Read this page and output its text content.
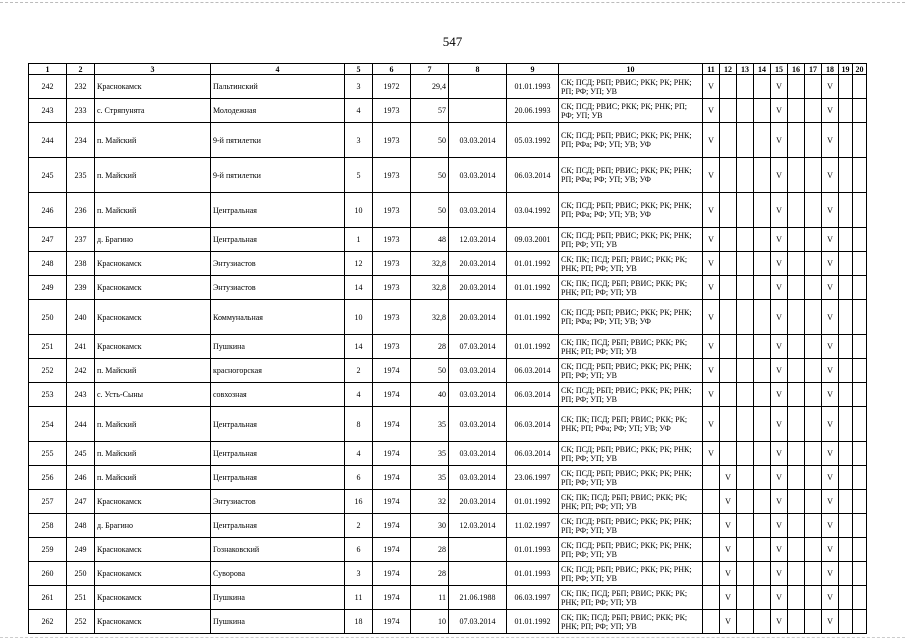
547
1	2	3	4	5	6	7	8	9	10	11	12	13	14	15	16	17	18	19	20
242	232	Краснокамск	Пальтинский	3	1972	29,4		01.01.1993	СК; ПСД; РБП; РВИС; РКК; РК; РНК; РП; РФ; УП; УВ	V				V			V		
243	233	с. Стряпунята	Молодежная	4	1973	57		20.06.1993	СК; ПСД; РВИС; РКК; РК; РНК; РП; РФ; УП; УВ	V				V			V		
244	234	п. Майский	9-й пятилетки	3	1973	50	03.03.2014	05.03.1992	СК; ПСД; РБП; РВИС; РКК; РК; РНК; РП; РФа; РФ; УП; УВ; УФ	V				V			V		
245	235	п. Майский	9-й пятилетки	5	1973	50	03.03.2014	06.03.2014	СК; ПСД; РБП; РВИС; РКК; РК; РНК; РП; РФа; РФ; УП; УВ; УФ	V				V			V		
246	236	п. Майский	Центральная	10	1973	50	03.03.2014	03.04.1992	СК; ПСД; РБП; РВИС; РКК; РК; РНК; РП; РФа; РФ; УП; УВ; УФ	V				V			V		
247	237	д. Брагино	Центральная	1	1973	48	12.03.2014	09.03.2001	СК; ПСД; РБП; РВИС; РКК; РК; РНК; РП; РФ; УП; УВ	V				V			V		
248	238	Краснокамск	Энтузиастов	12	1973	32,8	20.03.2014	01.01.1992	СК; ПК; ПСД; РБП; РВИС; РКК; РК; РНК; РП; РФ; УП; УВ	V				V			V		
249	239	Краснокамск	Энтузиастов	14	1973	32,8	20.03.2014	01.01.1992	СК; ПК; ПСД; РБП; РВИС; РКК; РК; РНК; РП; РФ; УП; УВ	V				V			V		
250	240	Краснокамск	Коммунальная	10	1973	32,8	20.03.2014	01.01.1992	СК; ПСД; РБП; РВИС; РКК; РК; РНК; РП; РФа; РФ; УП; УВ; УФ	V				V			V		
251	241	Краснокамск	Пушкина	14	1973	28	07.03.2014	01.01.1992	СК; ПК; ПСД; РБП; РВИС; РКК; РК; РНК; РП; РФ; УП; УВ	V				V			V		
252	242	п. Майский	красногорская	2	1974	50	03.03.2014	06.03.2014	СК; ПСД; РБП; РВИС; РКК; РК; РНК; РП; РФ; УП; УВ	V				V			V		
253	243	с. Усть-Сыны	совхозная	4	1974	40	03.03.2014	06.03.2014	СК; ПСД; РБП; РВИС; РКК; РК; РНК; РП; РФ; УП; УВ	V				V			V		
254	244	п. Майский	Центральная	8	1974	35	03.03.2014	06.03.2014	СК; ПК; ПСД; РБП; РВИС; РКК; РК; РНК; РП; РФа; РФ; УП; УВ; УФ	V				V			V		
255	245	п. Майский	Центральная	4	1974	35	03.03.2014	06.03.2014	СК; ПСД; РБП; РВИС; РКК; РК; РНК; РП; РФ; УП; УВ	V				V			V		
256	246	п. Майский	Центральная	6	1974	35	03.03.2014	23.06.1997	СК; ПСД; РБП; РВИС; РКК; РК; РНК; РП; РФ; УП; УВ		V			V			V		
257	247	Краснокамск	Энтузиастов	16	1974	32	20.03.2014	01.01.1992	СК; ПК; ПСД; РБП; РВИС; РКК; РК; РНК; РП; РФ; УП; УВ		V			V			V		
258	248	д. Брагино	Центральная	2	1974	30	12.03.2014	11.02.1997	СК; ПСД; РБП; РВИС; РКК; РК; РНК; РП; РФ; УП; УВ		V			V			V		
259	249	Краснокамск	Гознаковский	6	1974	28		01.01.1993	СК; ПСД; РБП; РВИС; РКК; РК; РНК; РП; РФ; УП; УВ		V			V			V		
260	250	Краснокамск	Суворова	3	1974	28		01.01.1993	СК; ПСД; РБП; РВИС; РКК; РК; РНК; РП; РФ; УП; УВ		V			V			V		
261	251	Краснокамск	Пушкина	11	1974	11	21.06.1988	06.03.1997	СК; ПК; ПСД; РБП; РВИС; РКК; РК; РНК; РП; РФ; УП; УВ		V			V			V		
262	252	Краснокамск	Пушкина	18	1974	10	07.03.2014	01.01.1992	СК; ПК; ПСД; РБП; РВИС; РКК; РК; РНК; РП; РФ; УП; УВ		V			V			V		
